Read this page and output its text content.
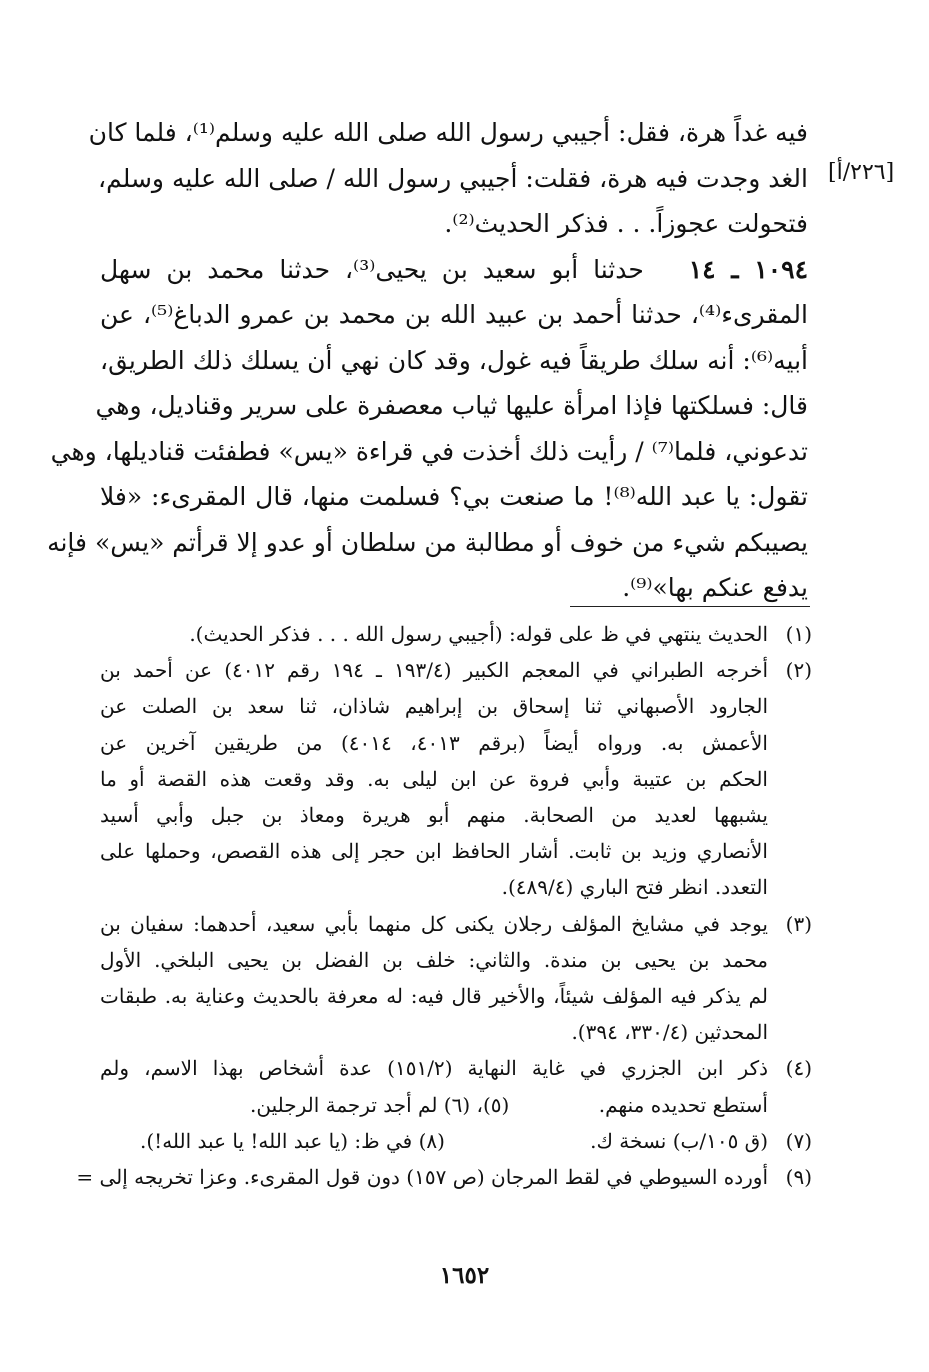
[٢٢٦/أ]
فيه غداً هرة، فقل: أجيبي رسول الله صلى الله عليه وسلم⁽¹⁾، فلما كان
الغد وجدت فيه هرة، فقلت: أجيبي رسول الله / صلى الله عليه وسلم،
فتحولت عجوزاً. . . فذكر الحديث⁽²⁾.
١٠٩٤ ـ ١٤   حدثنا أبو سعيد بن يحيى⁽³⁾، حدثنا محمد بن سهل
المقرىء⁽⁴⁾، حدثنا أحمد بن عبيد الله بن محمد بن عمرو الدباغ⁽⁵⁾، عن
أبيه⁽⁶⁾: أنه سلك طريقاً فيه غول، وقد كان نهي أن يسلك ذلك الطريق،
قال: فسلكتها فإذا امرأة عليها ثياب معصفرة على سرير وقناديل، وهي
تدعوني، فلما⁽⁷⁾ / رأيت ذلك أخذت في قراءة «يس» فطفئت قناديلها، وهي
تقول: يا عبد الله⁽⁸⁾! ما صنعت بي؟ فسلمت منها، قال المقرىء: «فلا
يصيبكم شيء من خوف أو مطالبة من سلطان أو عدو إلا قرأتم «يس» فإنه
يدفع عنكم بها»⁽⁹⁾.
(١)
الحديث ينتهي في ظ على قوله: (أجيبي رسول الله . . . فذكر الحديث).
(٢)
أخرجه الطبراني في المعجم الكبير (١٩٣/٤ ـ ١٩٤ رقم ٤٠١٢) عن أحمد بن
الجارود الأصبهاني ثنا إسحاق بن إبراهيم شاذان، ثنا سعد بن الصلت عن
الأعمش به. ورواه أيضاً (برقم ٤٠١٣، ٤٠١٤) من طريقين آخرين عن
الحكم بن عتيبة وأبي فروة عن ابن ليلى به. وقد وقعت هذه القصة أو ما
يشبهها لعديد من الصحابة. منهم أبو هريرة ومعاذ بن جبل وأبي أسيد
الأنصاري وزيد بن ثابت. أشار الحافظ ابن حجر إلى هذه القصص، وحملها على
التعدد. انظر فتح الباري (٤٨٩/٤).
(٣)
يوجد في مشايخ المؤلف رجلان يكنى كل منهما بأبي سعيد، أحدهما: سفيان بن
محمد بن يحيى بن مندة. والثاني: خلف بن الفضل بن يحيى البلخي. الأول
لم يذكر فيه المؤلف شيئاً، والأخير قال فيه: له معرفة بالحديث وعناية به. طبقات
المحدثين (٣٣٠/٤، ٣٩٤).
(٤)
ذكر ابن الجزري في غاية النهاية (١٥١/٢) عدة أشخاص بهذا الاسم، ولم
أستطع تحديده منهم.
(٥)، (٦) لم أجد ترجمة الرجلين.
(٧)
(ق ١٠٥/ب) نسخة ك.
(٨) في ظ: (يا عبد الله! يا عبد الله!).
(٩)
أورده السيوطي في لقط المرجان (ص ١٥٧) دون قول المقرىء. وعزا تخريجه إلى =
١٦٥٢
